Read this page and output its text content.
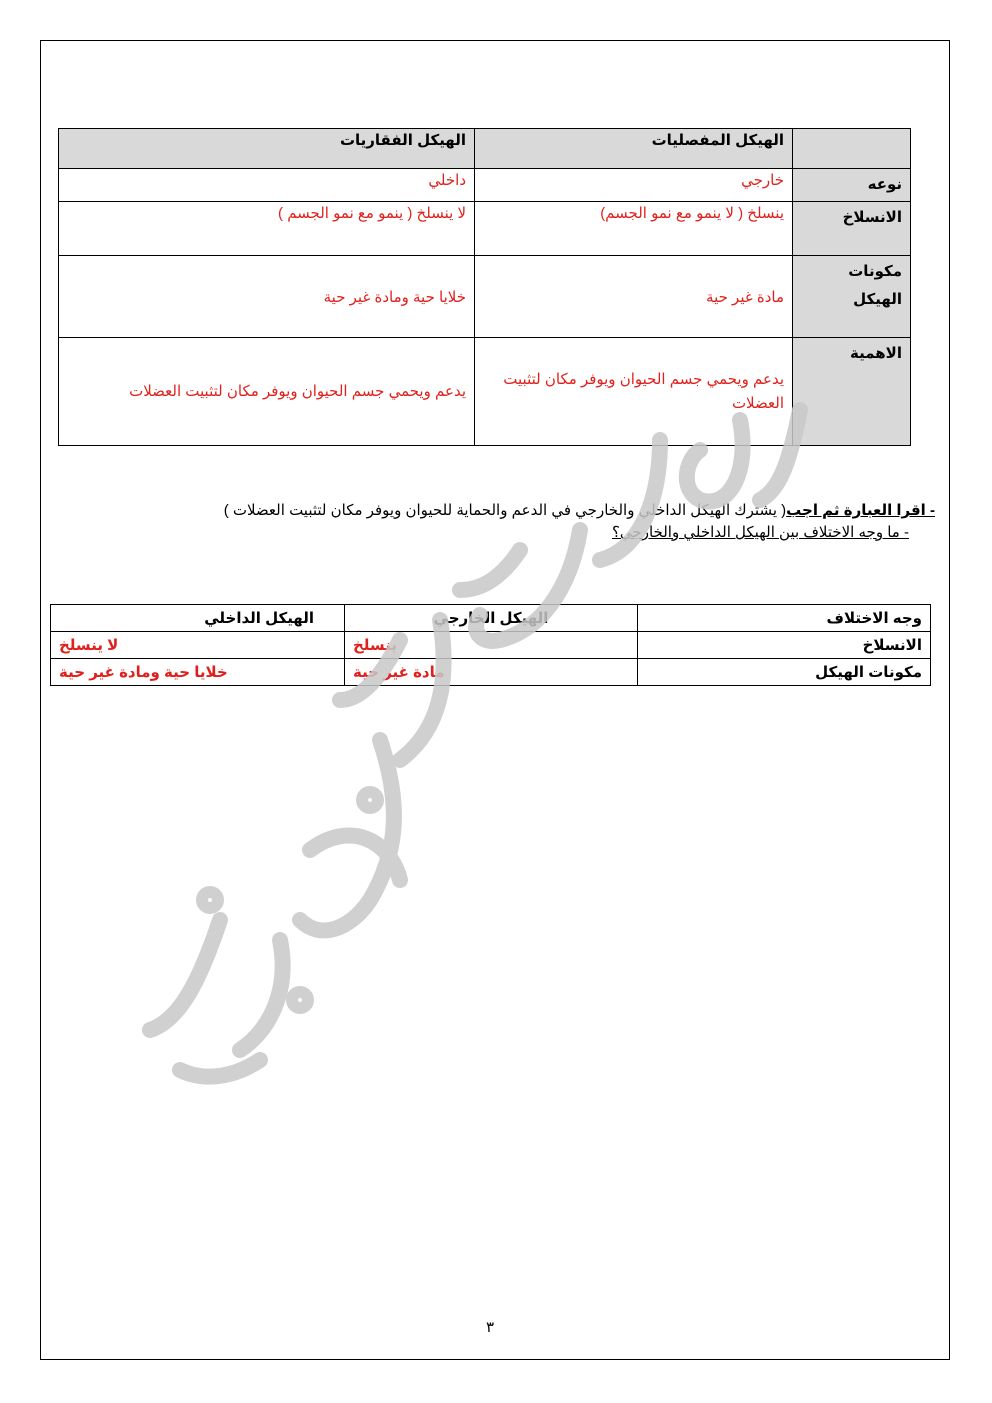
	الهيكل المفصليات	الهيكل الفقاريات
نوعه	خارجي	داخلي
الانسلاخ	ينسلخ ( لا ينمو مع نمو الجسم)	لا ينسلخ ( ينمو مع نمو الجسم )
مكونات الهيكل	مادة غير حية	خلايا حية ومادة غير حية
الاهمية	يدعم ويحمي جسم الحيوان ويوفر مكان لتثبيت العضلات	يدعم ويحمي جسم الحيوان ويوفر مكان لتثبيت العضلات
- اقرا العبارة ثم اجب( يشترك الهيكل الداخلي والخارجي في الدعم والحماية للحيوان ويوفر مكان لتثبيت العضلات )
- ما وجه الاختلاف بين الهيكل الداخلي والخارجي؟
وجه الاختلاف	الهيكل الخارجي	الهيكل الداخلي
الانسلاخ	ينسلخ	لا ينسلخ
مكونات الهيكل	مادة غير حية	خلايا حية ومادة غير حية
٣
